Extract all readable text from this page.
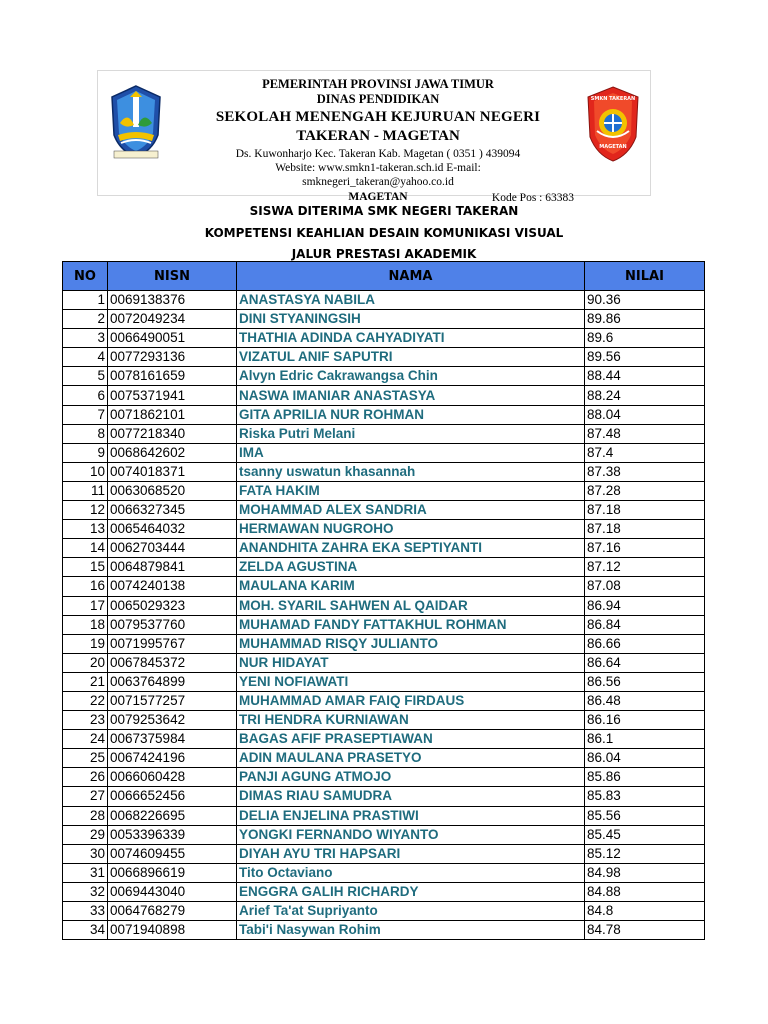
PEMERINTAH PROVINSI JAWA TIMUR
DINAS PENDIDIKAN
SEKOLAH MENENGAH KEJURUAN NEGERI
TAKERAN - MAGETAN
Ds. Kuwonharjo Kec. Takeran Kab. Magetan ( 0351 ) 439094
Website: www.smkn1-takeran.sch.id E-mail: smknegeri_takeran@yahoo.co.id
MAGETAN	Kode Pos : 63383
SMKN TAKERAN
MAGETAN
SISWA DITERIMA SMK NEGERI TAKERAN
KOMPETENSI KEAHLIAN DESAIN KOMUNIKASI VISUAL
JALUR PRESTASI AKADEMIK
NO	NISN	NAMA	NILAI
1	0069138376	ANASTASYA NABILA	90.36
2	0072049234	DINI STYANINGSIH	89.86
3	0066490051	THATHIA ADINDA CAHYADIYATI	89.6
4	0077293136	VIZATUL ANIF SAPUTRI	89.56
5	0078161659	Alvyn Edric Cakrawangsa Chin	88.44
6	0075371941	NASWA IMANIAR ANASTASYA	88.24
7	0071862101	GITA APRILIA NUR ROHMAN	88.04
8	0077218340	Riska Putri Melani	87.48
9	0068642602	IMA	87.4
10	0074018371	tsanny uswatun khasannah	87.38
11	0063068520	FATA HAKIM	87.28
12	0066327345	MOHAMMAD ALEX SANDRIA	87.18
13	0065464032	HERMAWAN NUGROHO	87.18
14	0062703444	ANANDHITA ZAHRA EKA SEPTIYANTI	87.16
15	0064879841	ZELDA AGUSTINA	87.12
16	0074240138	MAULANA KARIM	87.08
17	0065029323	MOH. SYARIL SAHWEN AL QAIDAR	86.94
18	0079537760	MUHAMAD FANDY FATTAKHUL ROHMAN	86.84
19	0071995767	MUHAMMAD RISQY JULIANTO	86.66
20	0067845372	NUR HIDAYAT	86.64
21	0063764899	YENI NOFIAWATI	86.56
22	0071577257	MUHAMMAD AMAR FAIQ FIRDAUS	86.48
23	0079253642	TRI HENDRA KURNIAWAN	86.16
24	0067375984	BAGAS AFIF PRASEPTIAWAN	86.1
25	0067424196	ADIN MAULANA PRASETYO	86.04
26	0066060428	PANJI AGUNG ATMOJO	85.86
27	0066652456	DIMAS RIAU SAMUDRA	85.83
28	0068226695	DELIA ENJELINA PRASTIWI	85.56
29	0053396339	YONGKI FERNANDO WIYANTO	85.45
30	0074609455	DIYAH AYU TRI HAPSARI	85.12
31	0066896619	Tito Octaviano	84.98
32	0069443040	ENGGRA GALIH RICHARDY	84.88
33	0064768279	Arief Ta'at Supriyanto	84.8
34	0071940898	Tabi'i Nasywan Rohim	84.78
